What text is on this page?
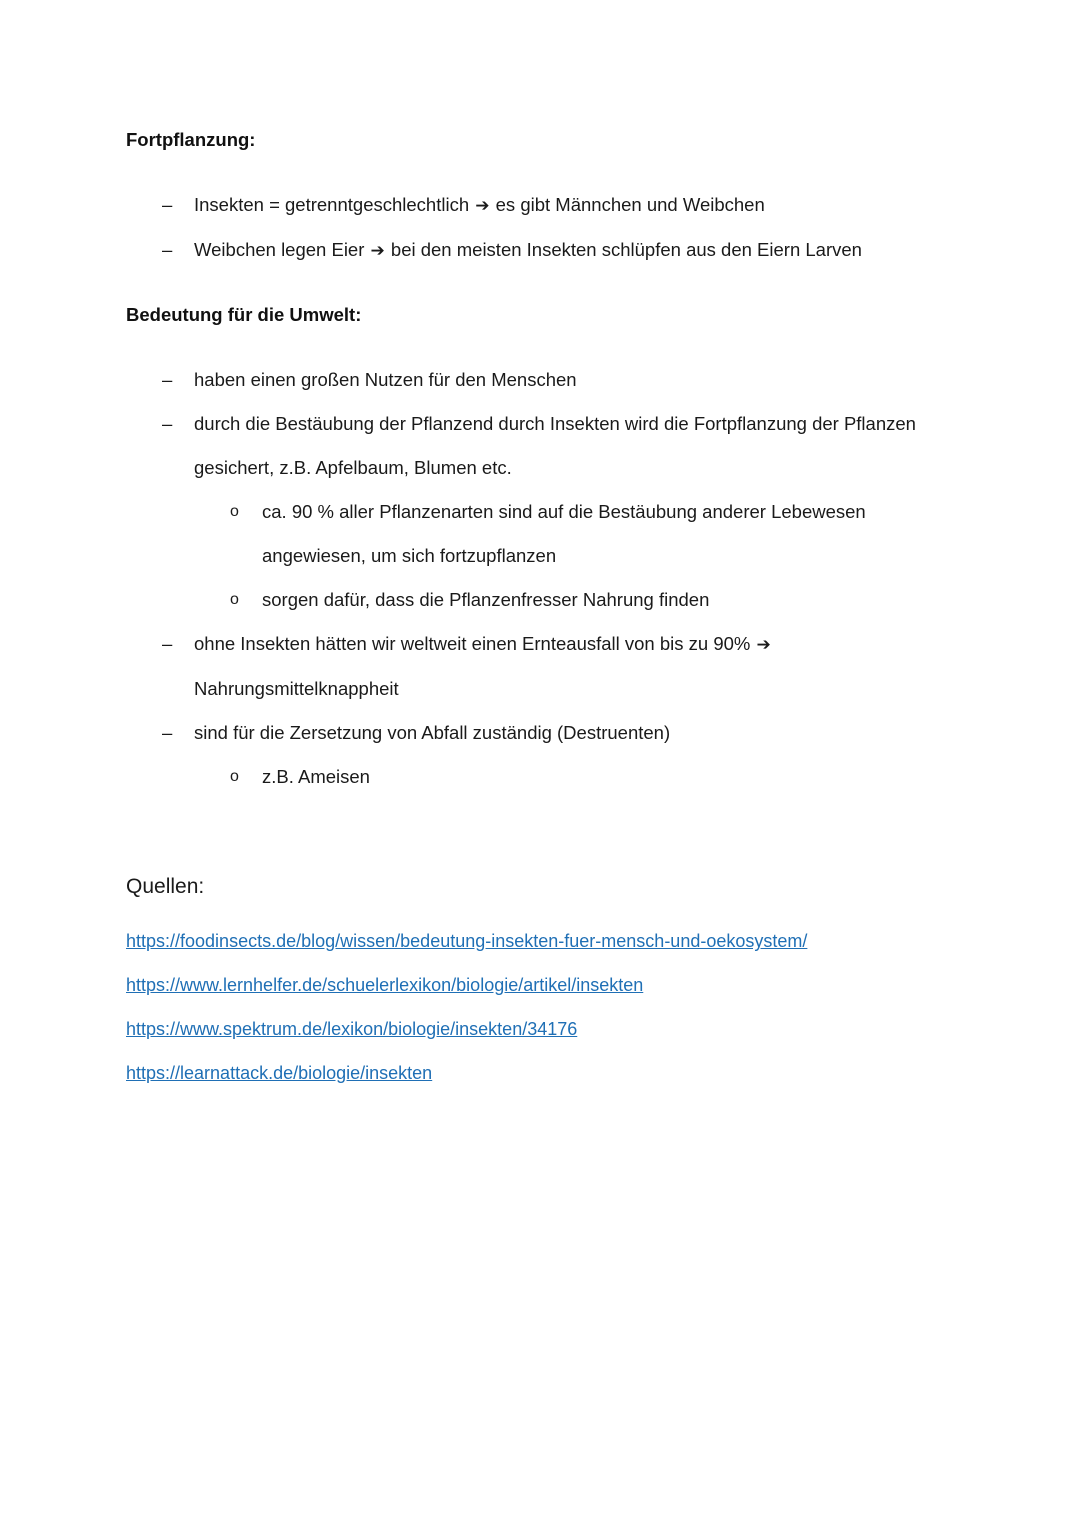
Fortpflanzung:
–	Insekten = getrenntgeschlechtlich ➔ es gibt Männchen und Weibchen
–	Weibchen legen Eier ➔ bei den meisten Insekten schlüpfen aus den Eiern Larven
Bedeutung für die Umwelt:
–	haben einen großen Nutzen für den Menschen
–	durch die Bestäubung der Pflanzend durch Insekten wird die Fortpflanzung der Pflanzen gesichert, z.B. Apfelbaum, Blumen etc.
o ca. 90 % aller Pflanzenarten sind auf die Bestäubung anderer Lebewesen angewiesen, um sich fortzupflanzen
o sorgen dafür, dass die Pflanzenfresser Nahrung finden
–	ohne Insekten hätten wir weltweit einen Ernteausfall von bis zu 90% ➔ Nahrungsmittelknappheit
–	sind für die Zersetzung von Abfall zuständig (Destruenten)
o z.B. Ameisen
Quellen:
https://foodinsects.de/blog/wissen/bedeutung-insekten-fuer-mensch-und-oekosystem/
https://www.lernhelfer.de/schuelerlexikon/biologie/artikel/insekten
https://www.spektrum.de/lexikon/biologie/insekten/34176
https://learnattack.de/biologie/insekten
